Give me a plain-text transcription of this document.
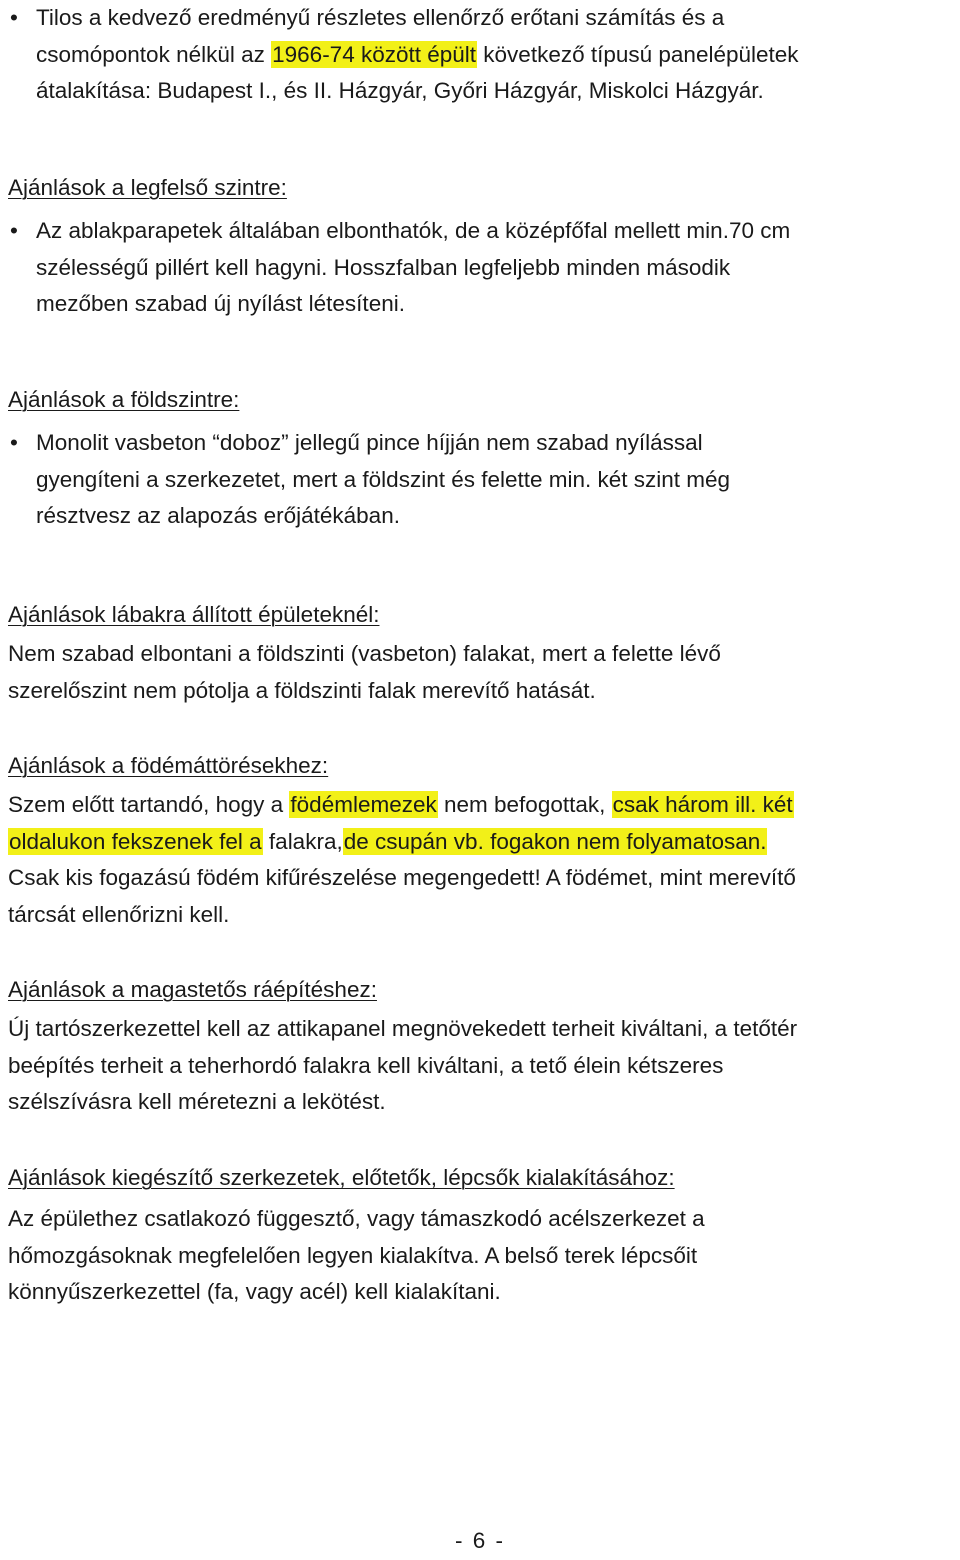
• Tilos a kedvező eredményű részletes ellenőrző erőtani számítás és a
csomópontok nélkül az 1966-74 között épült következő típusú panelépületek
átalakítása: Budapest I., és II. Házgyár, Győri Házgyár, Miskolci Házgyár.
Ajánlások a legfelső szintre:
• Az ablakparapetek általában elbonthatók, de a középfőfal mellett min.70 cm
szélességű pillért kell hagyni. Hosszfalban legfeljebb minden második
mezőben szabad új nyílást létesíteni.
Ajánlások a földszintre:
• Monolit vasbeton “doboz” jellegű pince híjján nem szabad nyílással
gyengíteni a szerkezetet, mert a földszint és felette min. két szint még
résztvesz az alapozás erőjátékában.
Ajánlások lábakra állított épületeknél:
Nem szabad elbontani a földszinti (vasbeton) falakat, mert a felette lévő
szerelőszint nem pótolja a földszinti falak merevítő hatását.
Ajánlások a födémáttörésekhez:
Szem előtt tartandó, hogy a födémlemezek nem befogottak, csak három ill. két
oldalukon fekszenek fel a falakra,de csupán vb. fogakon nem folyamatosan.
Csak kis fogazású födém kifűrészelése megengedett! A födémet, mint merevítő
tárcsát ellenőrizni kell.
Ajánlások a magastetős ráépítéshez:
Új tartószerkezettel kell az attikapanel megnövekedett terheit kiváltani, a tetőtér
beépítés terheit a teherhordó falakra kell kiváltani, a tető élein kétszeres
szélszívásra kell méretezni a lekötést.
Ajánlások kiegészítő szerkezetek, előtetők, lépcsők kialakításához:
Az épülethez csatlakozó függesztő, vagy támaszkodó acélszerkezet a
hőmozgásoknak megfelelően legyen kialakítva. A belső terek lépcsőit
könnyűszerkezettel (fa, vagy acél) kell kialakítani.
- 6 -
